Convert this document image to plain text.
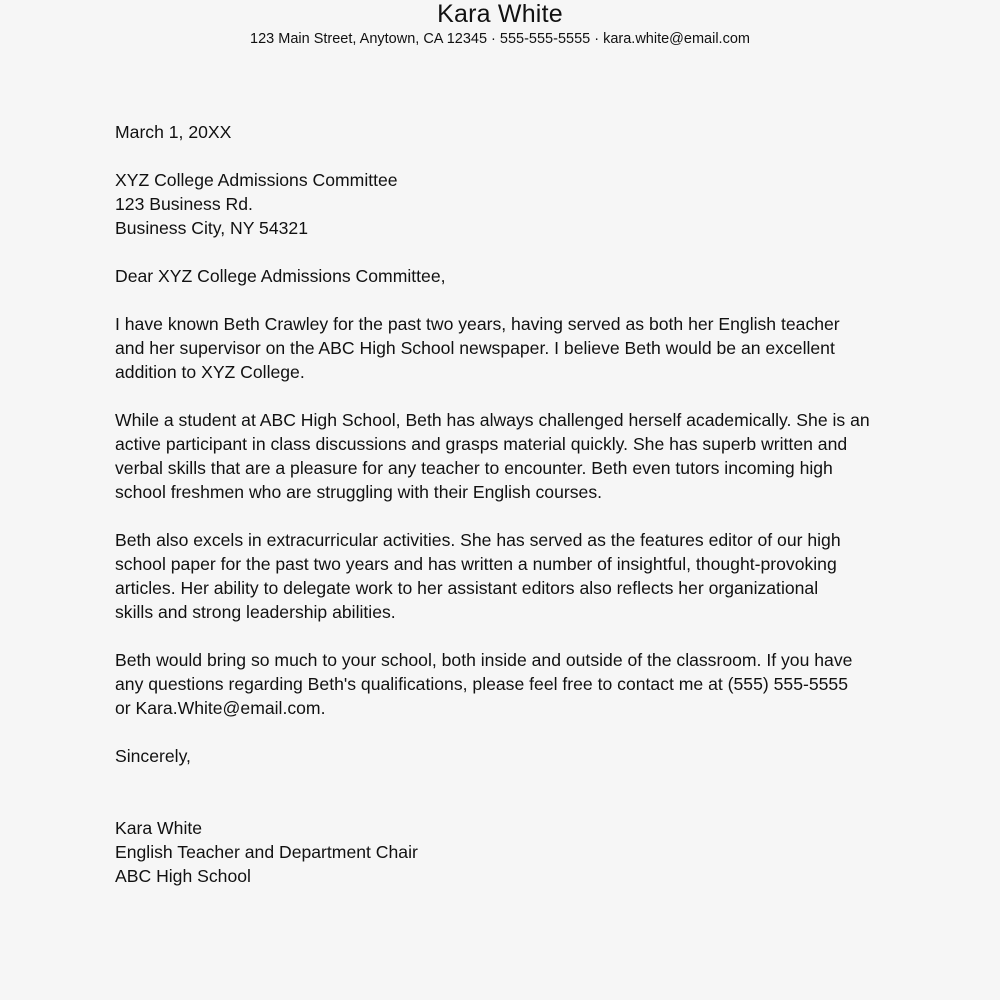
Kara White
123 Main Street, Anytown, CA 12345 · 555-555-5555 · kara.white@email.com
March 1, 20XX
XYZ College Admissions Committee
123 Business Rd.
Business City, NY 54321
Dear XYZ College Admissions Committee,
I have known Beth Crawley for the past two years, having served as both her English teacher
and her supervisor on the ABC High School newspaper. I believe Beth would be an excellent
addition to XYZ College.
While a student at ABC High School, Beth has always challenged herself academically. She is an
active participant in class discussions and grasps material quickly. She has superb written and
verbal skills that are a pleasure for any teacher to encounter. Beth even tutors incoming high
school freshmen who are struggling with their English courses.
Beth also excels in extracurricular activities. She has served as the features editor of our high
school paper for the past two years and has written a number of insightful, thought-provoking
articles. Her ability to delegate work to her assistant editors also reflects her organizational
skills and strong leadership abilities.
Beth would bring so much to your school, both inside and outside of the classroom. If you have
any questions regarding Beth's qualifications, please feel free to contact me at (555) 555-5555
or Kara.White@email.com.
Sincerely,
Kara White
English Teacher and Department Chair
ABC High School
